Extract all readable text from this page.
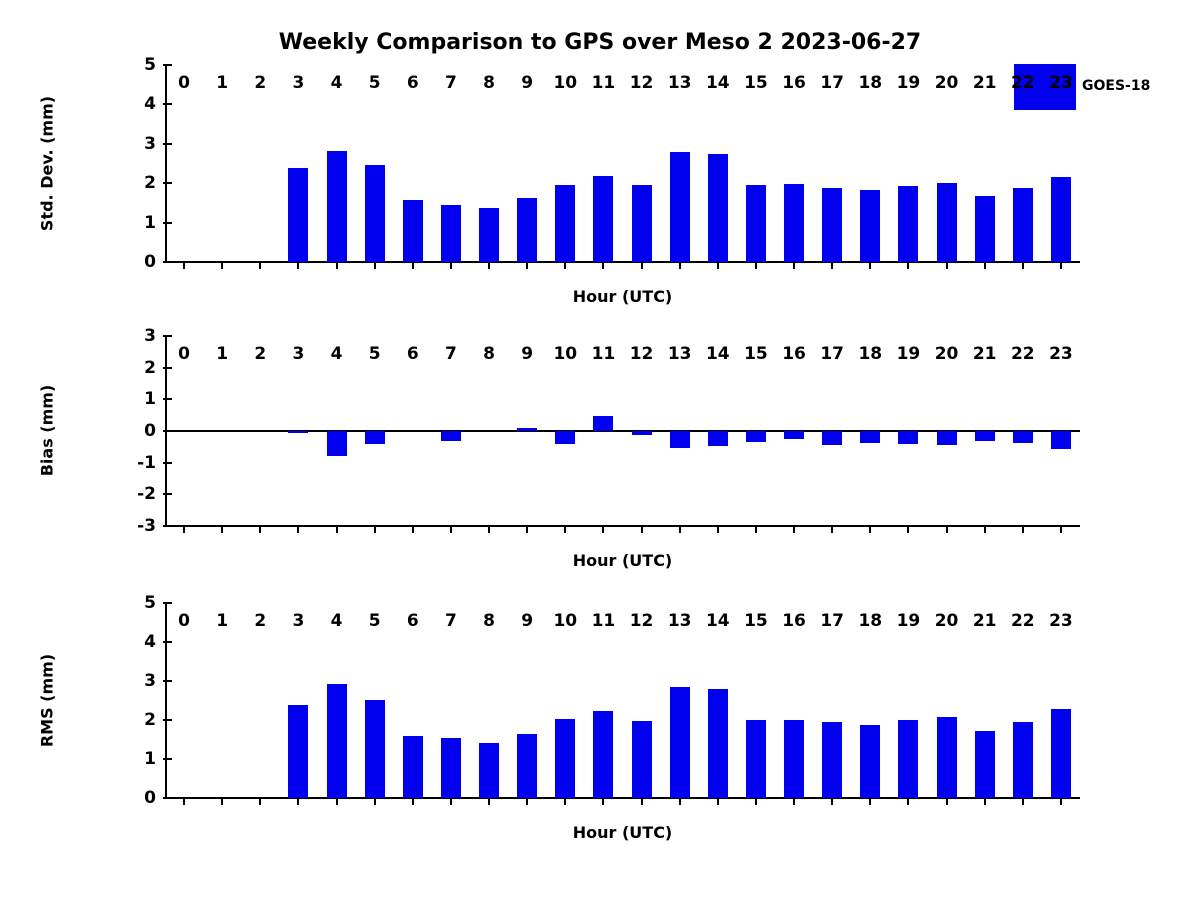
Weekly Comparison to GPS over Meso 2 2023-06-27
GOES-18
0
1
2
3
4
5
0 1 2 3 4 5 6 7 8 9 10 11 12 13 14 15 16 17 18 19 20 21 22 23
Hour (UTC)
Std. Dev. (mm)
-3
-2
-1
0
1
2
3
0 1 2 3 4 5 6 7 8 9 10 11 12 13 14 15 16 17 18 19 20 21 22 23
Hour (UTC)
Bias (mm)
0
1
2
3
4
5
0 1 2 3 4 5 6 7 8 9 10 11 12 13 14 15 16 17 18 19 20 21 22 23
Hour (UTC)
RMS (mm)
